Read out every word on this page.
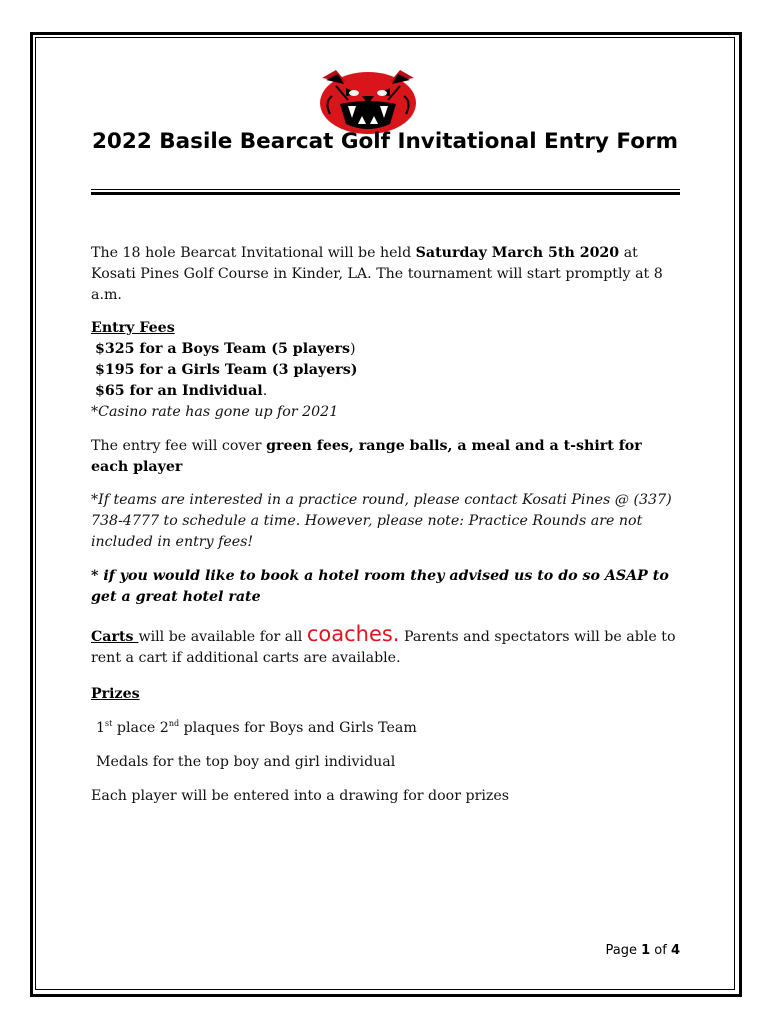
2022 Basile Bearcat Golf Invitational Entry Form
The 18 hole Bearcat Invitational will be held Saturday March 5th 2020 at Kosati Pines Golf Course in Kinder, LA. The tournament will start promptly at 8 a.m.
Entry Fees
$325 for a Boys Team (5 players)
$195 for a Girls Team (3 players)
$65 for an Individual.
*Casino rate has gone up for 2021
The entry fee will cover green fees, range balls, a meal and a t-shirt for each player
*If teams are interested in a practice round, please contact Kosati Pines @ (337) 738-4777 to schedule a time. However, please note: Practice Rounds are not included in entry fees!
* if you would like to book a hotel room they advised us to do so ASAP to get a great hotel rate
Carts will be available for all coaches. Parents and spectators will be able to rent a cart if additional carts are available.
Prizes
1st place 2nd plaques for Boys and Girls Team
Medals for the top boy and girl individual
Each player will be entered into a drawing for door prizes
Page 1 of 4
